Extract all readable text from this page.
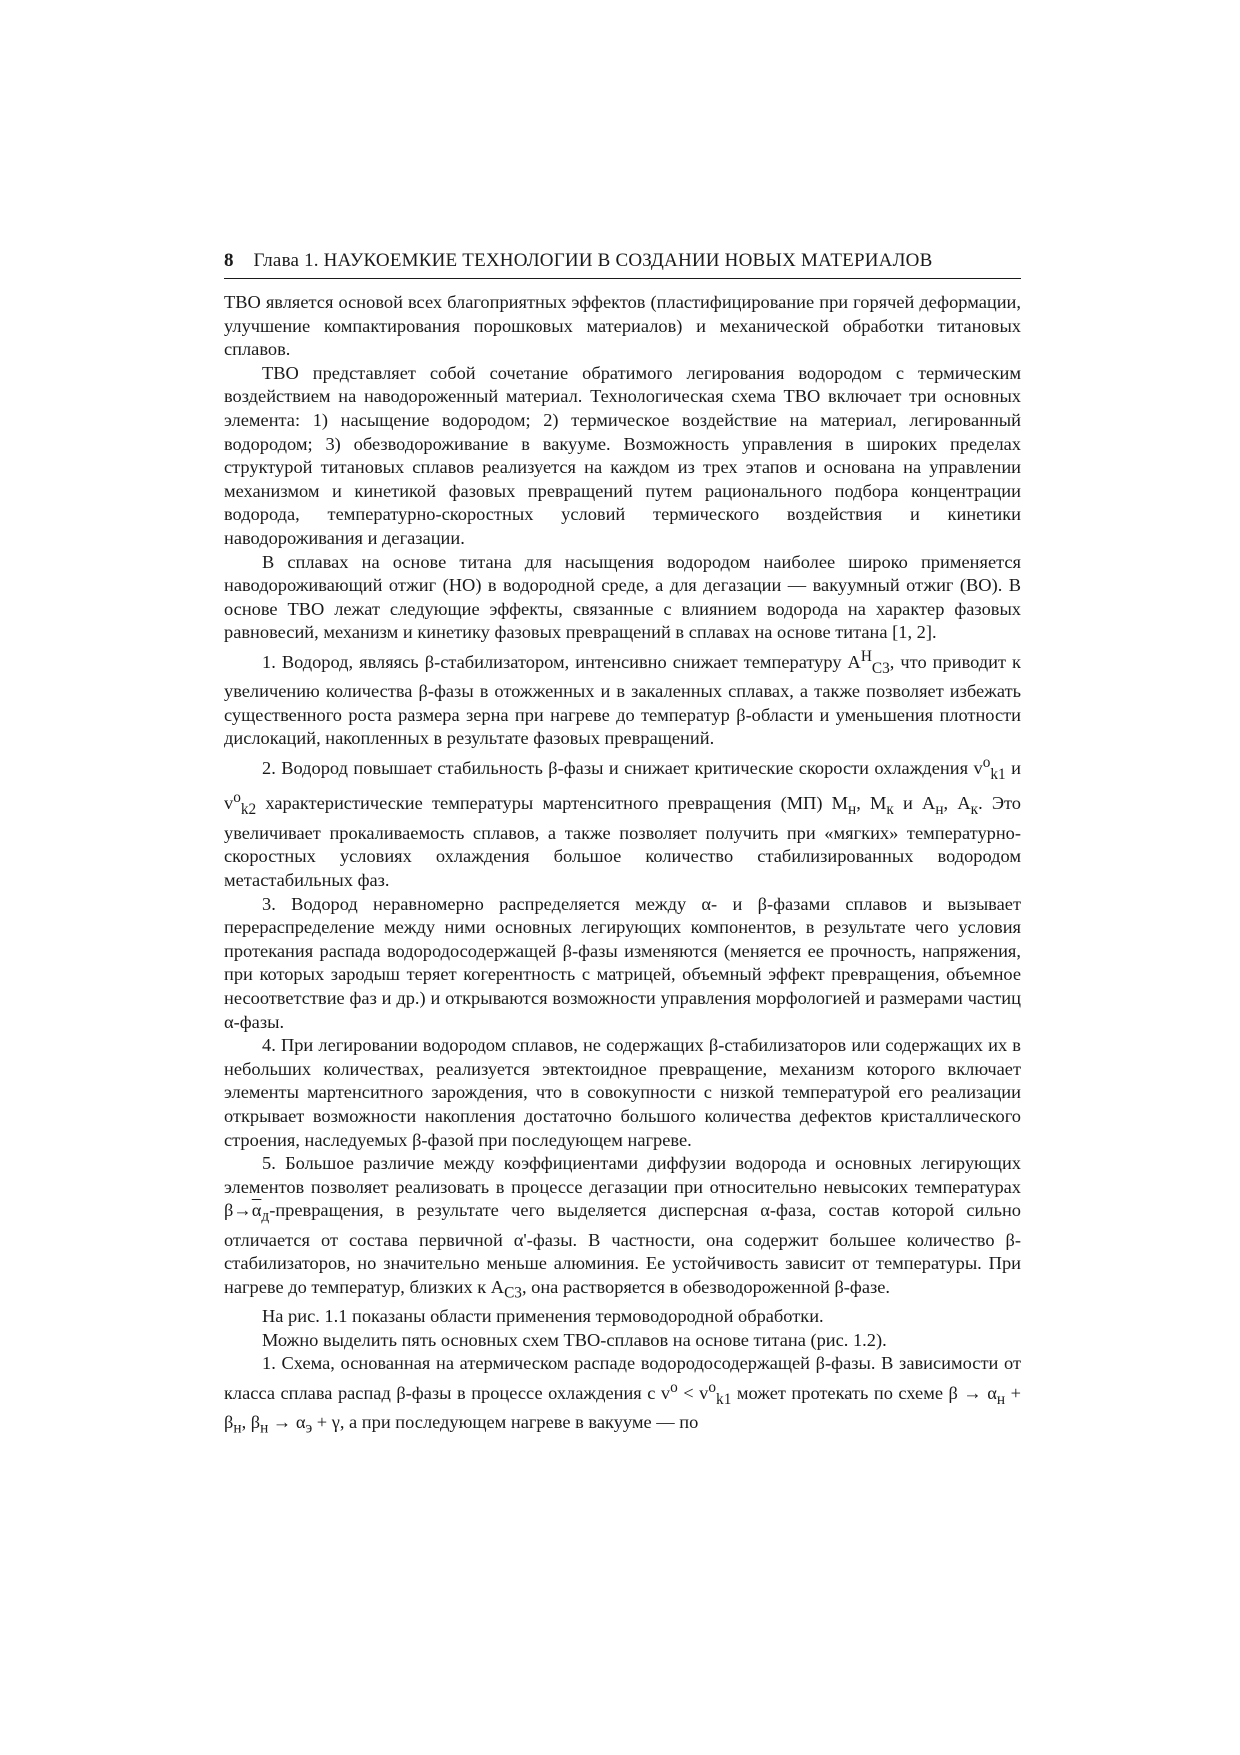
8 Глава 1. НАУКОЕМКИЕ ТЕХНОЛОГИИ В СОЗДАНИИ НОВЫХ МАТЕРИАЛОВ

ТВО является основой всех благоприятных эффектов (пластифицирование при горячей деформации, улучшение компактирования порошковых материалов) и механической обработки титановых сплавов.

ТВО представляет собой сочетание обратимого легирования водородом с термическим воздействием на наводороженный материал. Технологическая схема ТВО включает три основных элемента: 1) насыщение водородом; 2) термическое воздействие на материал, легированный водородом; 3) обезводороживание в вакууме. Возможность управления в широких пределах структурой титановых сплавов реализуется на каждом из трех этапов и основана на управлении механизмом и кинетикой фазовых превращений путем рационального подбора концентрации водорода, температурно-скоростных условий термического воздействия и кинетики наводороживания и дегазации.

В сплавах на основе титана для насыщения водородом наиболее широко применяется наводороживающий отжиг (НО) в водородной среде, а для дегазации — вакуумный отжиг (ВО). В основе ТВО лежат следующие эффекты, связанные с влиянием водорода на характер фазовых равновесий, механизм и кинетику фазовых превращений в сплавах на основе титана [1, 2].

1. Водород, являясь β-стабилизатором, интенсивно снижает температуру $A^Н_{С3}$, что приводит к увеличению количества β-фазы в отожженных и в закаленных сплавах, а также позволяет избежать существенного роста размера зерна при нагреве до температур β-области и уменьшения плотности дислокаций, накопленных в результате фазовых превращений.

2. Водород повышает стабильность β-фазы и снижает критические скорости охлаждения $v^о_{k1}$ и $v^о_{k2}$ характеристические температуры мартенситного превращения (МП) $M_н$, $M_к$ и $A_н$, $A_к$. Это увеличивает прокаливаемость сплавов, а также позволяет получить при «мягких» температурно-скоростных условиях охлаждения большое количество стабилизированных водородом метастабильных фаз.

3. Водород неравномерно распределяется между α- и β-фазами сплавов и вызывает перераспределение между ними основных легирующих компонентов, в результате чего условия протекания распада водородосодержащей β-фазы изменяются (меняется ее прочность, напряжения, при которых зародыш теряет когерентность с матрицей, объемный эффект превращения, объемное несоответствие фаз и др.) и открываются возможности управления морфологией и размерами частиц α-фазы.

4. При легировании водородом сплавов, не содержащих β-стабилизаторов или содержащих их в небольших количествах, реализуется эвтектоидное превращение, механизм которого включает элементы мартенситного зарождения, что в совокупности с низкой температурой его реализации открывает возможности накопления достаточно большого количества дефектов кристаллического строения, наследуемых β-фазой при последующем нагреве.

5. Большое различие между коэффициентами диффузии водорода и основных легирующих элементов позволяет реализовать в процессе дегазации при относительно невысоких температурах $\beta\to\overline{\alpha}_д$-превращения, в результате чего выделяется дисперсная α-фаза, состав которой сильно отличается от состава первичной α'-фазы. В частности, она содержит большее количество β-стабилизаторов, но значительно меньше алюминия. Ее устойчивость зависит от температуры. При нагреве до температур, близких к $A_{С3}$, она растворяется в обезводороженной β-фазе.

На рис. 1.1 показаны области применения термоводородной обработки.

Можно выделить пять основных схем ТВО-сплавов на основе титана (рис. 1.2).

1. Схема, основанная на атермическом распаде водородосодержащей β-фазы. В зависимости от класса сплава распад β-фазы в процессе охлаждения с $v^о < v^о_{k1}$ может протекать по схеме $\beta \to \alpha_н + \beta_н$, $\beta_н \to \alpha_э + \gamma$, а при последующем нагреве в вакууме — по
